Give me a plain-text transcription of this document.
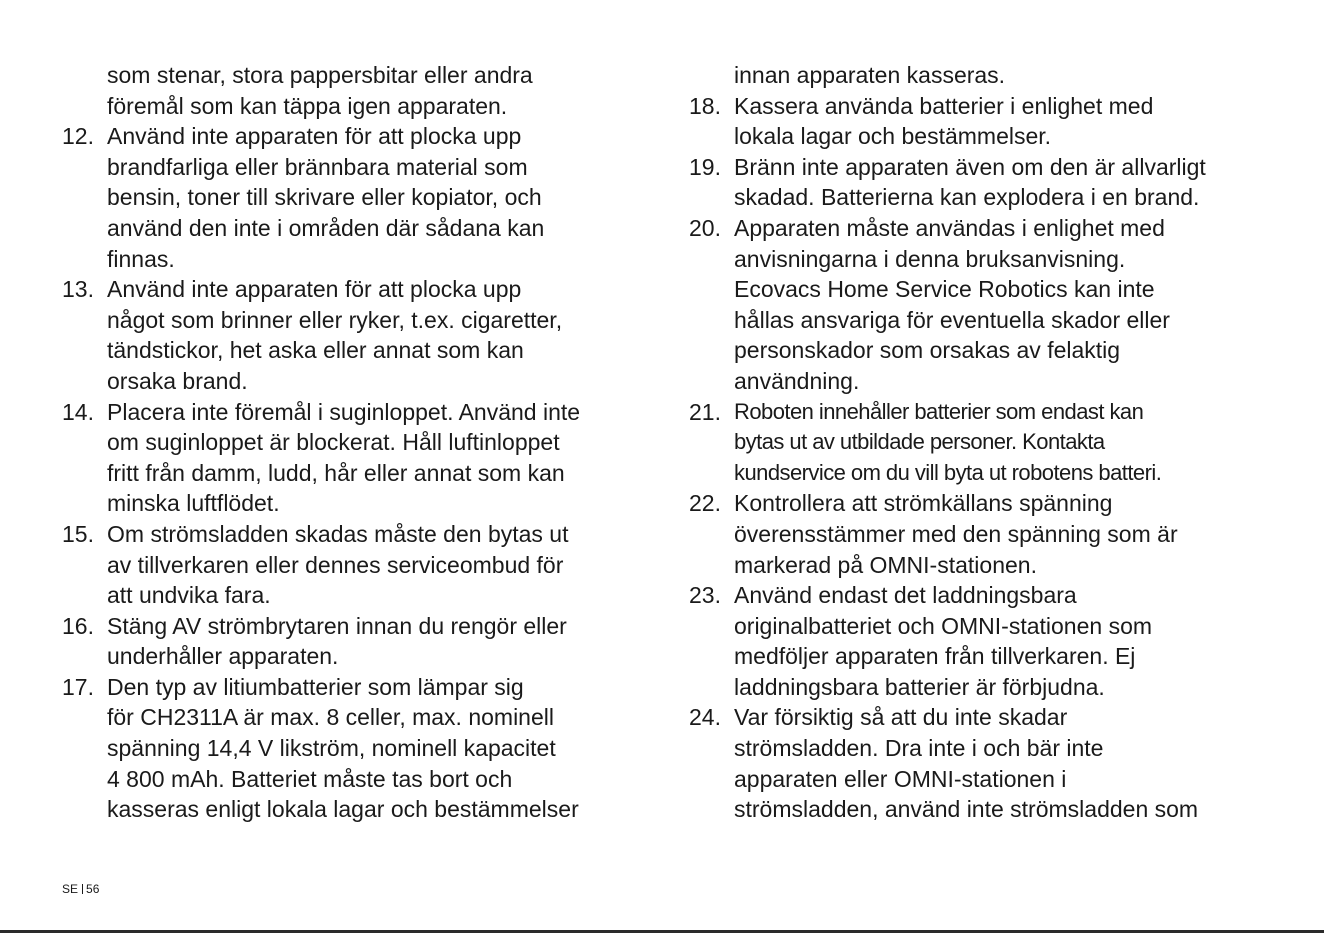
som stenar, stora pappersbitar eller andra
föremål som kan täppa igen apparaten.
12. Använd inte apparaten för att plocka upp
brandfarliga eller brännbara material som
bensin, toner till skrivare eller kopiator, och
använd den inte i områden där sådana kan
finnas.
13. Använd inte apparaten för att plocka upp
något som brinner eller ryker, t.ex. cigaretter,
tändstickor, het aska eller annat som kan
orsaka brand.
14. Placera inte föremål i suginloppet. Använd inte
om suginloppet är blockerat. Håll luftinloppet
fritt från damm, ludd, hår eller annat som kan
minska luftflödet.
15. Om strömsladden skadas måste den bytas ut
av tillverkaren eller dennes serviceombud för
att undvika fara.
16. Stäng AV strömbrytaren innan du rengör eller
underhåller apparaten.
17. Den typ av litiumbatterier som lämpar sig
för CH2311A är max. 8 celler, max. nominell
spänning 14,4 V likström, nominell kapacitet
4 800 mAh. Batteriet måste tas bort och
kasseras enligt lokala lagar och bestämmelser
innan apparaten kasseras.
18. Kassera använda batterier i enlighet med
lokala lagar och bestämmelser.
19. Bränn inte apparaten även om den är allvarligt
skadad. Batterierna kan explodera i en brand.
20. Apparaten måste användas i enlighet med
anvisningarna i denna bruksanvisning.
Ecovacs Home Service Robotics kan inte
hållas ansvariga för eventuella skador eller
personskador som orsakas av felaktig
användning.
21. Roboten innehåller batterier som endast kan
bytas ut av utbildade personer. Kontakta
kundservice om du vill byta ut robotens batteri.
22. Kontrollera att strömkällans spänning
överensstämmer med den spänning som är
markerad på OMNI-stationen.
23. Använd endast det laddningsbara
originalbatteriet och OMNI-stationen som
medföljer apparaten från tillverkaren. Ej
laddningsbara batterier är förbjudna.
24. Var försiktig så att du inte skadar
strömsladden. Dra inte i och bär inte
apparaten eller OMNI-stationen i
strömsladden, använd inte strömsladden som
SE 56
